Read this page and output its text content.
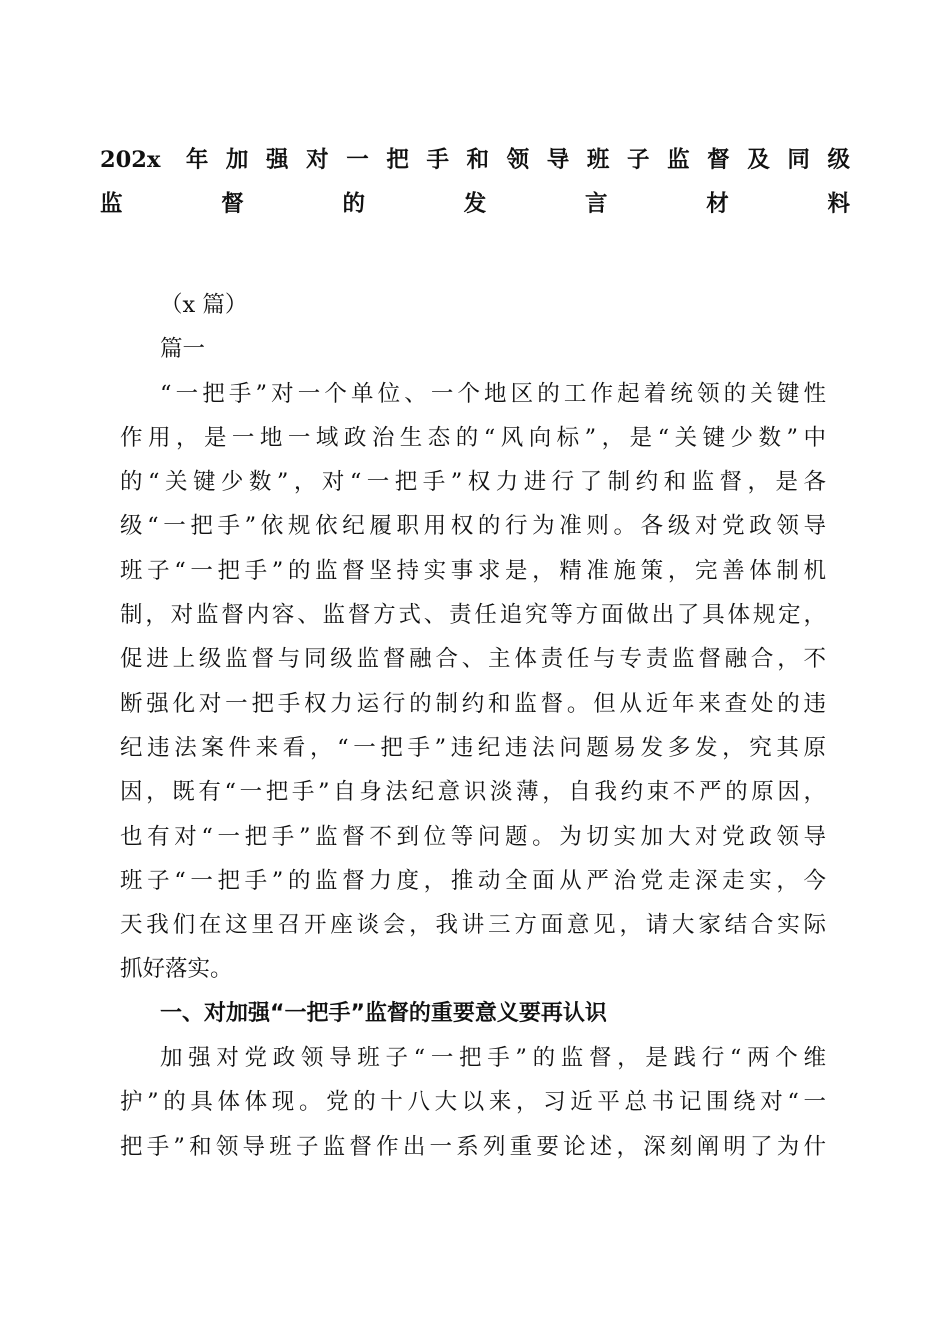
202x 年加强对一把手和领导班子监督及同级
监督的发言材料
（x 篇）
篇一
“一把手”对一个单位、一个地区的工作起着统领的关键性
作用，是一地一域政治生态的“风向标”，是“关键少数”中
的“关键少数”，对“一把手”权力进行了制约和监督，是各
级“一把手”依规依纪履职用权的行为准则。各级对党政领导
班子“一把手”的监督坚持实事求是，精准施策，完善体制机
制，对监督内容、监督方式、责任追究等方面做出了具体规定，
促进上级监督与同级监督融合、主体责任与专责监督融合，不
断强化对一把手权力运行的制约和监督。但从近年来查处的违
纪违法案件来看，“一把手”违纪违法问题易发多发，究其原
因，既有“一把手”自身法纪意识淡薄，自我约束不严的原因，
也有对“一把手”监督不到位等问题。为切实加大对党政领导
班子“一把手”的监督力度，推动全面从严治党走深走实，今
天我们在这里召开座谈会，我讲三方面意见，请大家结合实际
抓好落实。
一、对加强“一把手”监督的重要意义要再认识
加强对党政领导班子“一把手”的监督，是践行“两个维
护”的具体体现。党的十八大以来，习近平总书记围绕对“一
把手”和领导班子监督作出一系列重要论述，深刻阐明了为什
